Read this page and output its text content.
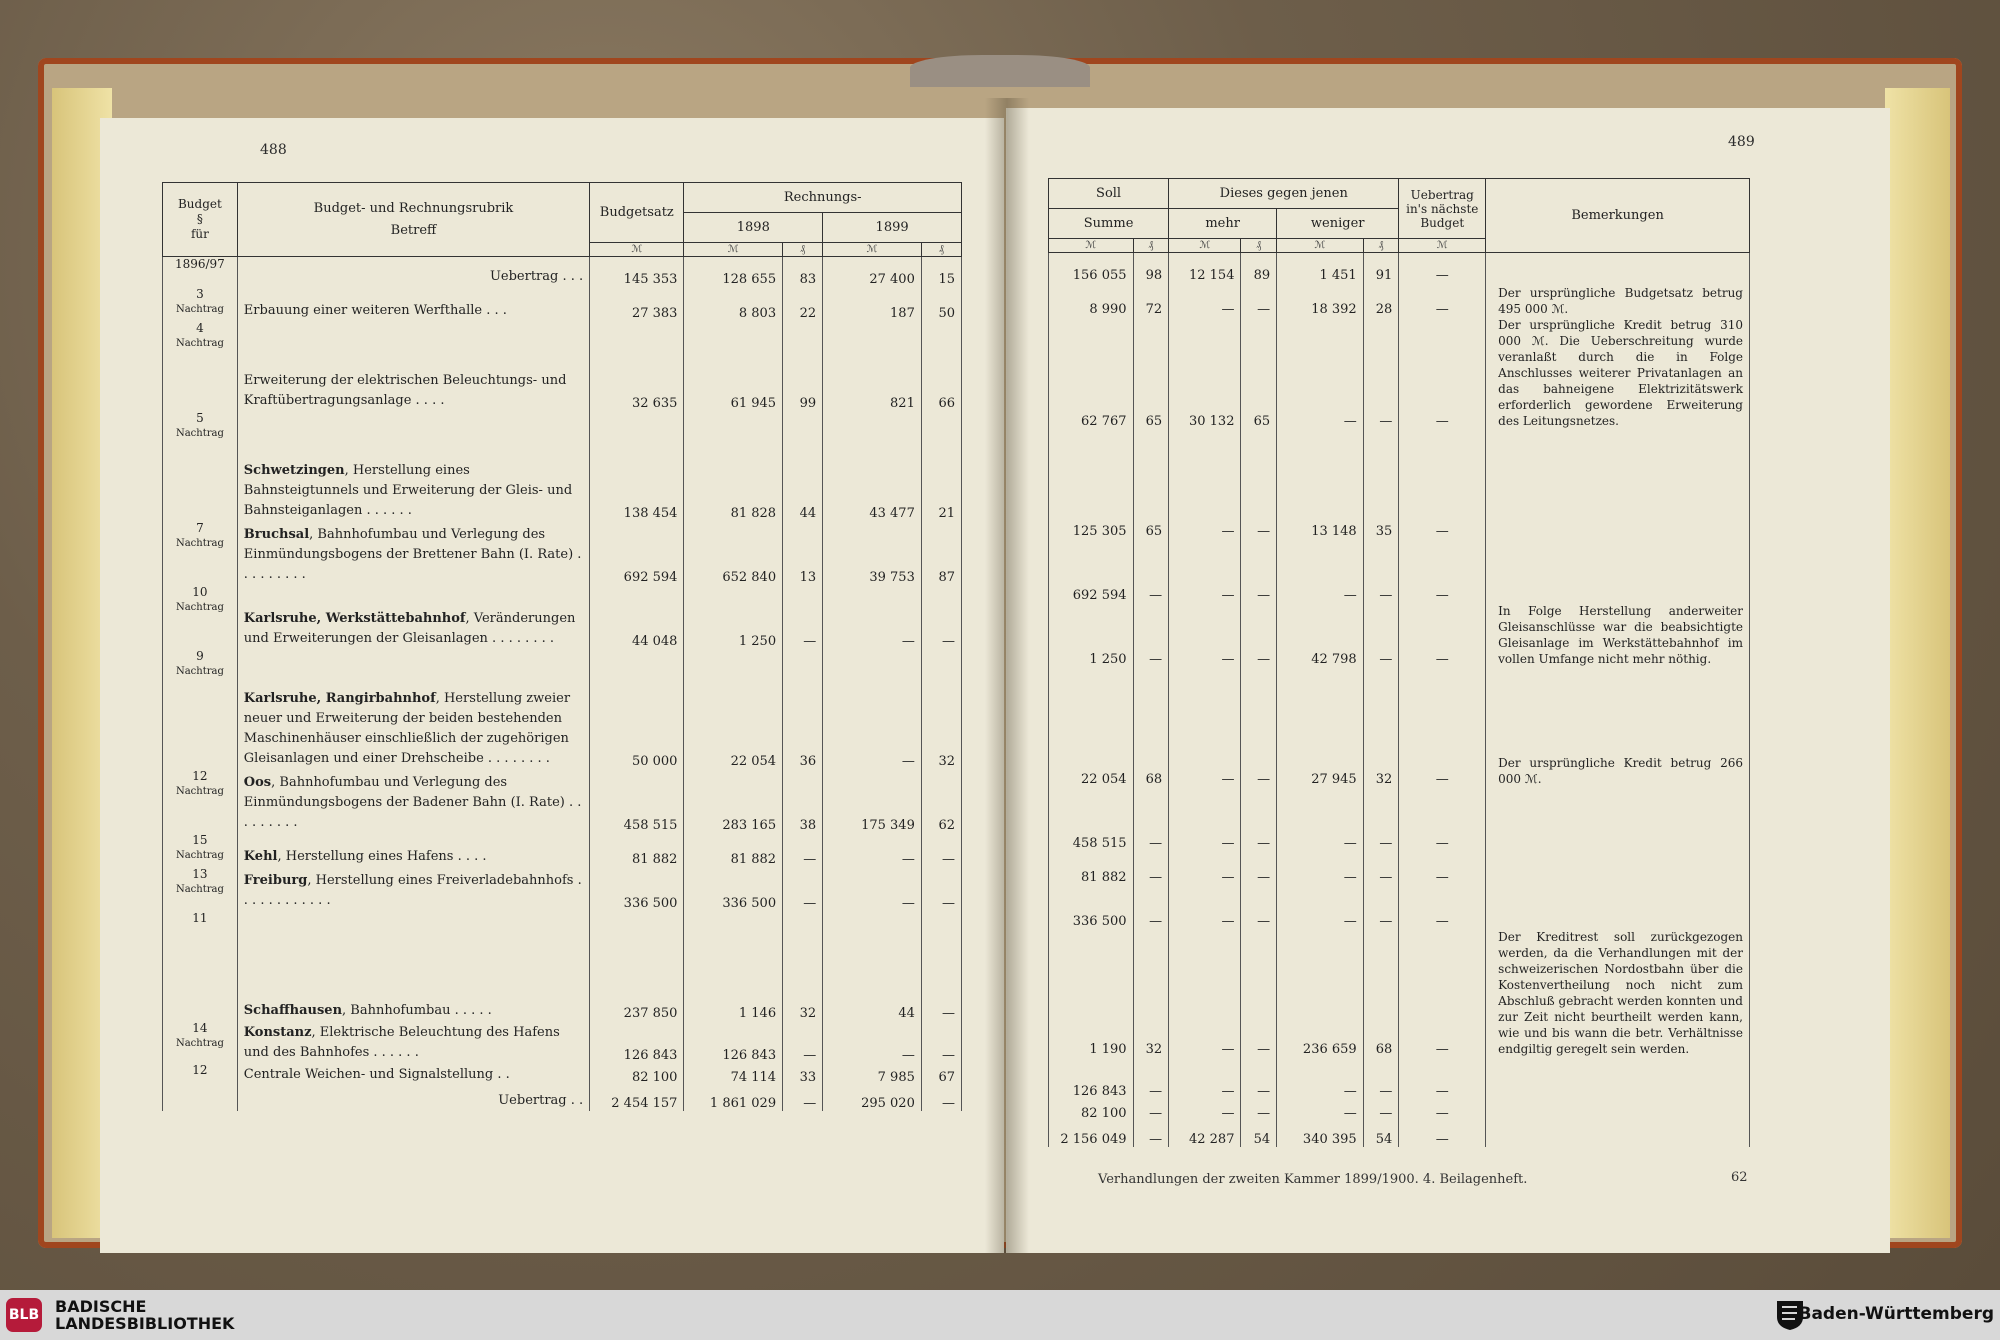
488	489
Budget
§
für	Budget- und Rechnungsrubrik
Betreff	Budgetsatz	Rechnungs-			
			1898		1899	
		ℳ	ℳ	₰	ℳ	₰
1896/97	Uebertrag . . .	145 353	128 655	83	27 400	15
3
Nachtrag	Erbauung einer weiteren Werfthalle . . .	27 383	8 803	22	187	50
4
Nachtrag	Erweiterung der elektrischen Beleuchtungs- und Kraftübertragungsanlage . . . .	32 635	61 945	99	821	66
5
Nachtrag	Schwetzingen, Herstellung eines Bahnsteigtunnels und Erweiterung der Gleis- und Bahnsteiganlagen . . . . . .	138 454	81 828	44	43 477	21
7
Nachtrag	Bruchsal, Bahnhofumbau und Verlegung des Einmündungsbogens der Brettener Bahn (I. Rate) . . . . . . . . .	692 594	652 840	13	39 753	87
10
Nachtrag	Karlsruhe, Werkstättebahnhof, Veränderungen und Erweiterungen der Gleisanlagen . . . . . . . .	44 048	1 250	—	—	—
9
Nachtrag	Karlsruhe, Rangirbahnhof, Herstellung zweier neuer und Erweiterung der beiden bestehenden Maschinenhäuser einschließlich der zugehörigen Gleisanlagen und einer Drehscheibe . . . . . . . .	50 000	22 054	36	—	32
12
Nachtrag	Oos, Bahnhofumbau und Verlegung des Einmündungsbogens der Badener Bahn (I. Rate) . . . . . . . . .	458 515	283 165	38	175 349	62
15
Nachtrag	Kehl, Herstellung eines Hafens . . . .	81 882	81 882	—	—	—
13
Nachtrag	Freiburg, Herstellung eines Freiverladebahnhofs . . . . . . . . . . . .	336 500	336 500	—	—	—
11	Schaffhausen, Bahnhofumbau . . . . .	237 850	1 146	32	44	—
14
Nachtrag	Konstanz, Elektrische Beleuchtung des Hafens und des Bahnhofes . . . . . .	126 843	126 843	—	—	—
12	Centrale Weichen- und Signalstellung . .	82 100	74 114	33	7 985	67

	Uebertrag . .	2 454 157	1 861 029	—	295 020	—
Soll		Dieses gegen jenen				Uebertrag
in's nächste
Budget	Bemerkungen
Summe		mehr		weniger			
ℳ	₰	ℳ	₰	ℳ	₰	ℳ	
156 055	98	12 154	89	1 451	91	—	
8 990	72	—	—	18 392	28	—	Der ursprüngliche Budgetsatz betrug 495 000 ℳ.
62 767	65	30 132	65	—	—	—	Der ursprüngliche Kredit betrug 310 000 ℳ. Die Ueberschreitung wurde veranlaßt durch die in Folge Anschlusses weiterer Privatanlagen an das bahneigene Elektrizitätswerk erforderlich gewordene Erweiterung des Leitungsnetzes.
125 305	65	—	—	13 148	35	—	
692 594	—	—	—	—	—	—	
1 250	—	—	—	42 798	—	—	In Folge Herstellung anderweiter Gleisanschlüsse war die beabsichtigte Gleisanlage im Werkstättebahnhof im vollen Umfange nicht mehr nöthig.
22 054	68	—	—	27 945	32	—	Der ursprüngliche Kredit betrug 266 000 ℳ.
458 515	—	—	—	—	—	—	
81 882	—	—	—	—	—	—	
336 500	—	—	—	—	—	—	
1 190	32	—	—	236 659	68	—	Der Kreditrest soll zurückgezogen werden, da die Verhandlungen mit der schweizerischen Nordostbahn über die Kostenvertheilung noch nicht zum Abschluß gebracht werden konnten und zur Zeit nicht beurtheilt werden kann, wie und bis wann die betr. Verhältnisse endgiltig geregelt sein werden.
126 843	—	—	—	—	—	—	
82 100	—	—	—	—	—	—	
2 156 049	—	42 287	54	340 395	54	—	
Verhandlungen der zweiten Kammer 1899/1900. 4. Beilagenheft.	62
BLB BADISCHE
LANDESBIBLIOTHEK	Baden-Württemberg
